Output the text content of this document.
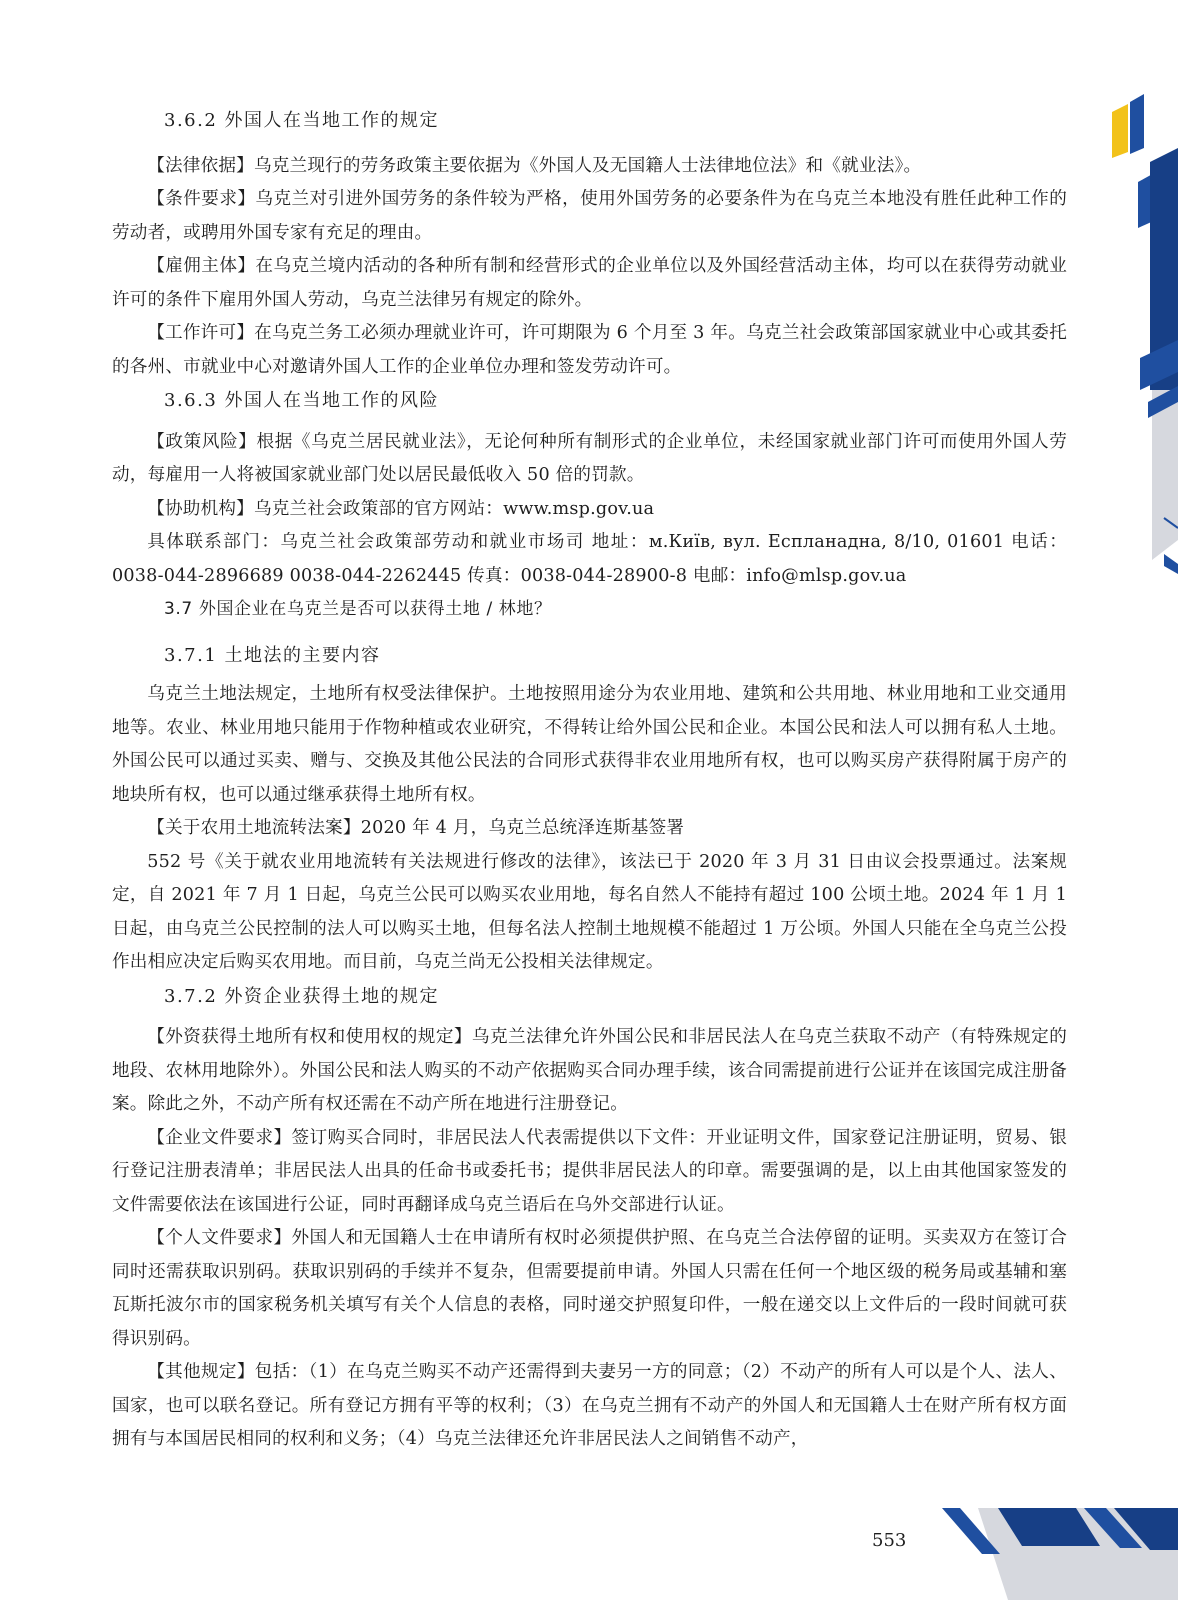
3.6.2 外国人在当地工作的规定

【法律依据】乌克兰现行的劳务政策主要依据为《外国人及无国籍人士法律地位法》和《就业法》。

【条件要求】乌克兰对引进外国劳务的条件较为严格，使用外国劳务的必要条件为在乌克兰本地没有胜任此种工作的劳动者，或聘用外国专家有充足的理由。

【雇佣主体】在乌克兰境内活动的各种所有制和经营形式的企业单位以及外国经营活动主体，均可以在获得劳动就业许可的条件下雇用外国人劳动，乌克兰法律另有规定的除外。

【工作许可】在乌克兰务工必须办理就业许可，许可期限为 6 个月至 3 年。乌克兰社会政策部国家就业中心或其委托的各州、市就业中心对邀请外国人工作的企业单位办理和签发劳动许可。

3.6.3 外国人在当地工作的风险

【政策风险】根据《乌克兰居民就业法》，无论何种所有制形式的企业单位，未经国家就业部门许可而使用外国人劳动，每雇用一人将被国家就业部门处以居民最低收入 50 倍的罚款。

【协助机构】乌克兰社会政策部的官方网站：www.msp.gov.ua

具体联系部门：乌克兰社会政策部劳动和就业市场司 地址：м.Київ, вул. Еспланадна, 8/10, 01601 电话：0038-044-2896689 0038-044-2262445 传真：0038-044-28900-8 电邮：info@mlsp.gov.ua

3.7 外国企业在乌克兰是否可以获得土地 / 林地？

3.7.1 土地法的主要内容

乌克兰土地法规定，土地所有权受法律保护。土地按照用途分为农业用地、建筑和公共用地、林业用地和工业交通用地等。农业、林业用地只能用于作物种植或农业研究，不得转让给外国公民和企业。本国公民和法人可以拥有私人土地。外国公民可以通过买卖、赠与、交换及其他公民法的合同形式获得非农业用地所有权，也可以购买房产获得附属于房产的地块所有权，也可以通过继承获得土地所有权。

【关于农用土地流转法案】2020 年 4 月，乌克兰总统泽连斯基签署

552 号《关于就农业用地流转有关法规进行修改的法律》，该法已于 2020 年 3 月 31 日由议会投票通过。法案规定，自 2021 年 7 月 1 日起，乌克兰公民可以购买农业用地，每名自然人不能持有超过 100 公顷土地。2024 年 1 月 1 日起，由乌克兰公民控制的法人可以购买土地，但每名法人控制土地规模不能超过 1 万公顷。外国人只能在全乌克兰公投作出相应决定后购买农用地。而目前，乌克兰尚无公投相关法律规定。

3.7.2 外资企业获得土地的规定

【外资获得土地所有权和使用权的规定】乌克兰法律允许外国公民和非居民法人在乌克兰获取不动产（有特殊规定的地段、农林用地除外）。外国公民和法人购买的不动产依据购买合同办理手续，该合同需提前进行公证并在该国完成注册备案。除此之外，不动产所有权还需在不动产所在地进行注册登记。

【企业文件要求】签订购买合同时，非居民法人代表需提供以下文件：开业证明文件，国家登记注册证明，贸易、银行登记注册表清单；非居民法人出具的任命书或委托书；提供非居民法人的印章。需要强调的是，以上由其他国家签发的文件需要依法在该国进行公证，同时再翻译成乌克兰语后在乌外交部进行认证。

【个人文件要求】外国人和无国籍人士在申请所有权时必须提供护照、在乌克兰合法停留的证明。买卖双方在签订合同时还需获取识别码。获取识别码的手续并不复杂，但需要提前申请。外国人只需在任何一个地区级的税务局或基辅和塞瓦斯托波尔市的国家税务机关填写有关个人信息的表格，同时递交护照复印件，一般在递交以上文件后的一段时间就可获得识别码。

【其他规定】包括：（1）在乌克兰购买不动产还需得到夫妻另一方的同意；（2）不动产的所有人可以是个人、法人、国家，也可以联名登记。所有登记方拥有平等的权利；（3）在乌克兰拥有不动产的外国人和无国籍人士在财产所有权方面拥有与本国居民相同的权利和义务；（4）乌克兰法律还允许非居民法人之间销售不动产，

553
